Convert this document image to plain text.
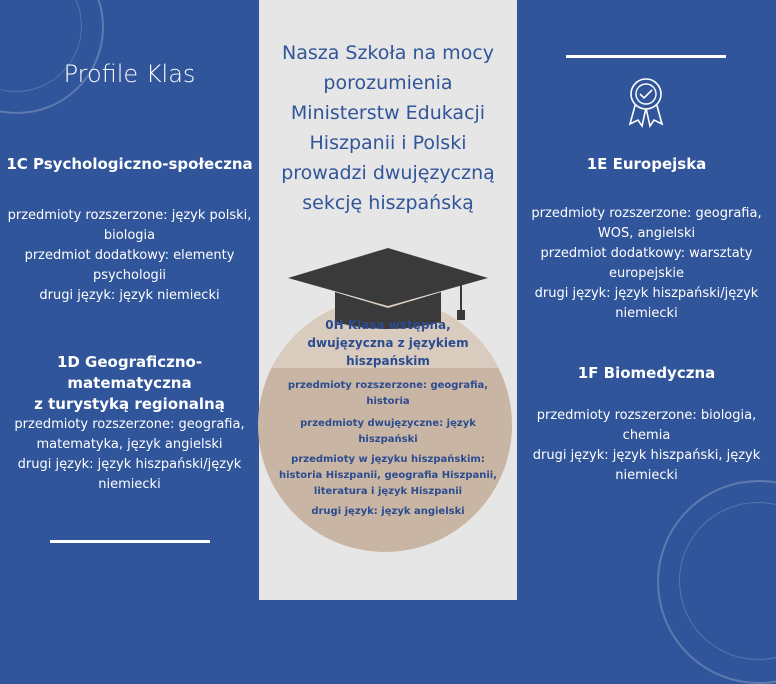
Profile Klas
1C Psychologiczno-społeczna
przedmioty rozszerzone: język polski,
biologia
przedmiot dodatkowy: elementy
psychologii
drugi język: język niemiecki
1D Geograficzno-matematyczna
z turystyką regionalną
przedmioty rozszerzone: geografia,
matematyka, język angielski
drugi język: język hiszpański/język
niemiecki
Nasza Szkoła na mocy
porozumienia
Ministerstw Edukacji
Hiszpanii i Polski
prowadzi dwujęzyczną
sekcję hiszpańską
0H Klasa wstępna,
dwujęzyczna z językiem
hiszpańskim
przedmioty rozszerzone: geografia,
historia
przedmioty dwujęzyczne: język
hiszpański
przedmioty w języku hiszpańskim:
historia Hiszpanii, geografia Hiszpanii,
literatura i język Hiszpanii
drugi język: język angielski
1E Europejska
przedmioty rozszerzone: geografia,
WOS, angielski
przedmiot dodatkowy: warsztaty
europejskie
drugi język: język hiszpański/język
niemiecki
1F Biomedyczna
przedmioty rozszerzone: biologia,
chemia
drugi język: język hiszpański, język
niemiecki
